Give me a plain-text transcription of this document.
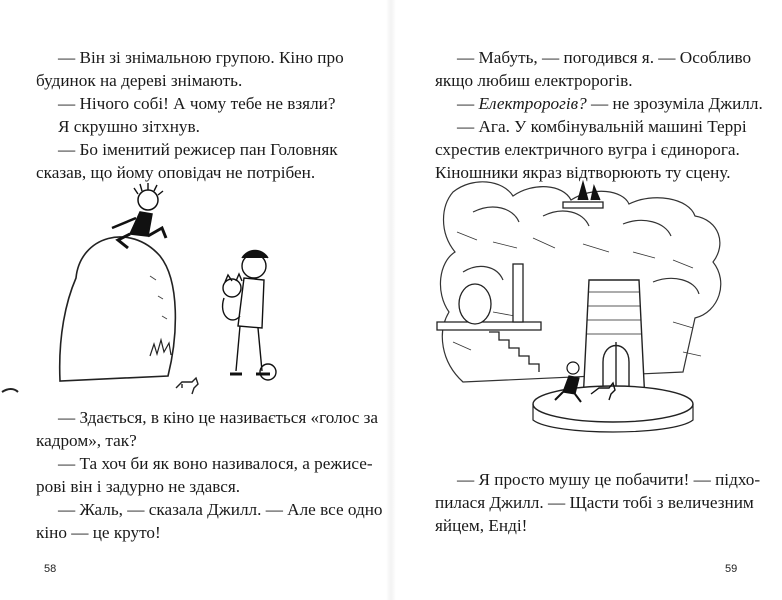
— Він зі знімальною групою. Кіно про

будинок на дереві знімають.

— Нічого собі! А чому тебе не взяли?

Я скрушно зітхнув.

— Бо іменитий режисер пан Головняк

сказав, що йому оповідач не потрібен.

— Здається, в кіно це називається «голос за

кадром», так?

— Та хоч би як воно називалося, а режисе-

рові він і задурно не здався.

— Жаль, — сказала Джилл. — Але все одно

кіно — це круто!

58

— Мабуть, — погодився я. — Особливо

якщо любиш електророгів.

— Електророгів? — не зрозуміла Джилл.

— Ага. У комбінувальній машині Террі

схрестив електричного вугра і єдинорога.

Кіношники якраз відтворюють ту сцену.

— Я просто мушу це побачити! — підхо-

пилася Джилл. — Щасти тобі з величезним

яйцем, Енді!

59
